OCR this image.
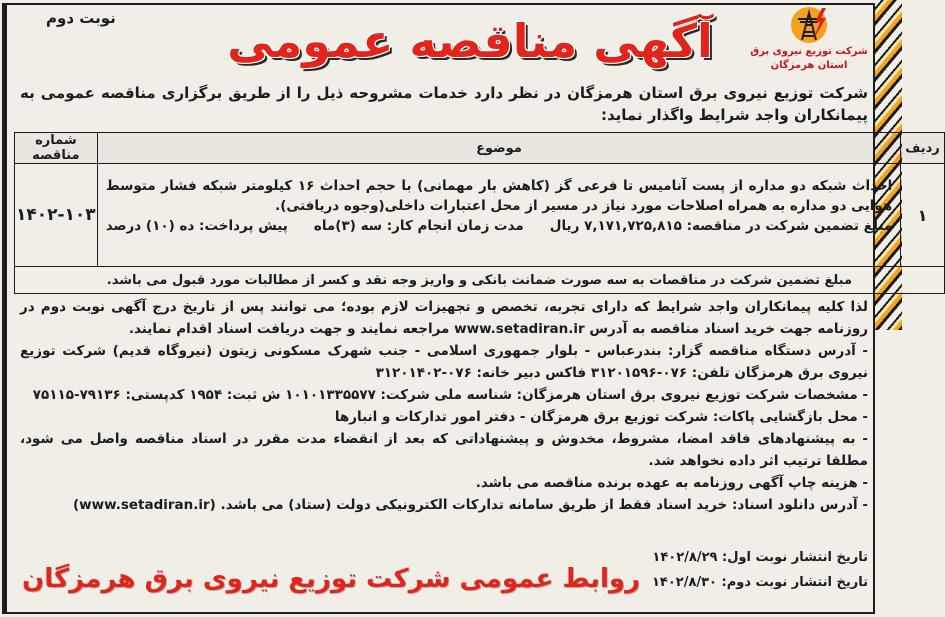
نوبت دوم	آگهی مناقصه عمومی	شرکت توزیع نیروی برق
استان هرمزگان
شرکت توزیع نیروی برق استان هرمزگان در نظر دارد خدمات مشروحه ذیل را از طریق برگزاری مناقصه عمومی به پیمانکاران واجد شرایط واگذار نماید:
ردیف	موضوع	شماره مناقصه
۱	احداث شبکه دو مداره از پست آنامیس تا فرعی گز (کاهش بار مهمانی) با حجم احداث ۱۶ کیلومتر شبکه فشار متوسط هوایی دو مداره به همراه اصلاحات مورد نیاز در مسیر از محل اعتبارات داخلی(وجوه دریافتی).
مبلغ تضمین شرکت در مناقصه: ۷,۱۷۱,۷۲۵,۸۱۵ ریال
مدت زمان انجام کار: سه (۳)ماه
پیش پرداخت: ده (۱۰) درصد	۱۴۰۲-۱۰۳
مبلغ تضمین شرکت در مناقصات به سه صورت ضمانت بانکی و واریز وجه نقد و کسر از مطالبات مورد قبول می باشد.		

لذا کلیه پیمانکاران واجد شرایط که دارای تجربه، تخصص و تجهیزات لازم بوده؛ می توانند پس از تاریخ درج آگهی نوبت دوم در روزنامه جهت خرید اسناد مناقصه به آدرس www.setadiran.ir مراجعه نمایند و جهت دریافت اسناد اقدام نمایند.

- آدرس دستگاه مناقصه گزار: بندرعباس - بلوار جمهوری اسلامی - جنب شهرک مسکونی زیتون (نیروگاه قدیم) شرکت توزیع نیروی برق هرمزگان تلفن: ۰۷۶-۳۱۲۰۱۵۹۶ فاکس دبیر خانه: ۰۷۶-۳۱۲۰۱۴۰۲

- مشخصات شرکت توزیع نیروی برق استان هرمزگان: شناسه ملی شرکت: ۱۰۱۰۱۳۳۵۵۷۷ ش ثبت: ۱۹۵۴ کدپستی: ۷۹۱۳۶-۷۵۱۱۵

- محل بازگشایی پاکات: شرکت توزیع برق هرمزگان - دفتر امور تدارکات و انبارها

- به پیشنهادهای فاقد امضا، مشروط، مخدوش و پیشنهاداتی که بعد از انقضاء مدت مقرر در اسناد مناقصه واصل می شود، مطلقا ترتیب اثر داده نخواهد شد.

- هزینه چاپ آگهی روزنامه به عهده برنده مناقصه می باشد.

- آدرس دانلود اسناد: خرید اسناد فقط از طریق سامانه تدارکات الکترونیکی دولت (ستاد) می باشد. (www.setadiran.ir)

تاریخ انتشار نوبت اول: ۱۴۰۲/۸/۲۹
تاریخ انتشار نوبت دوم: ۱۴۰۲/۸/۳۰
روابط عمومی شرکت توزیع نیروی برق هرمزگان
